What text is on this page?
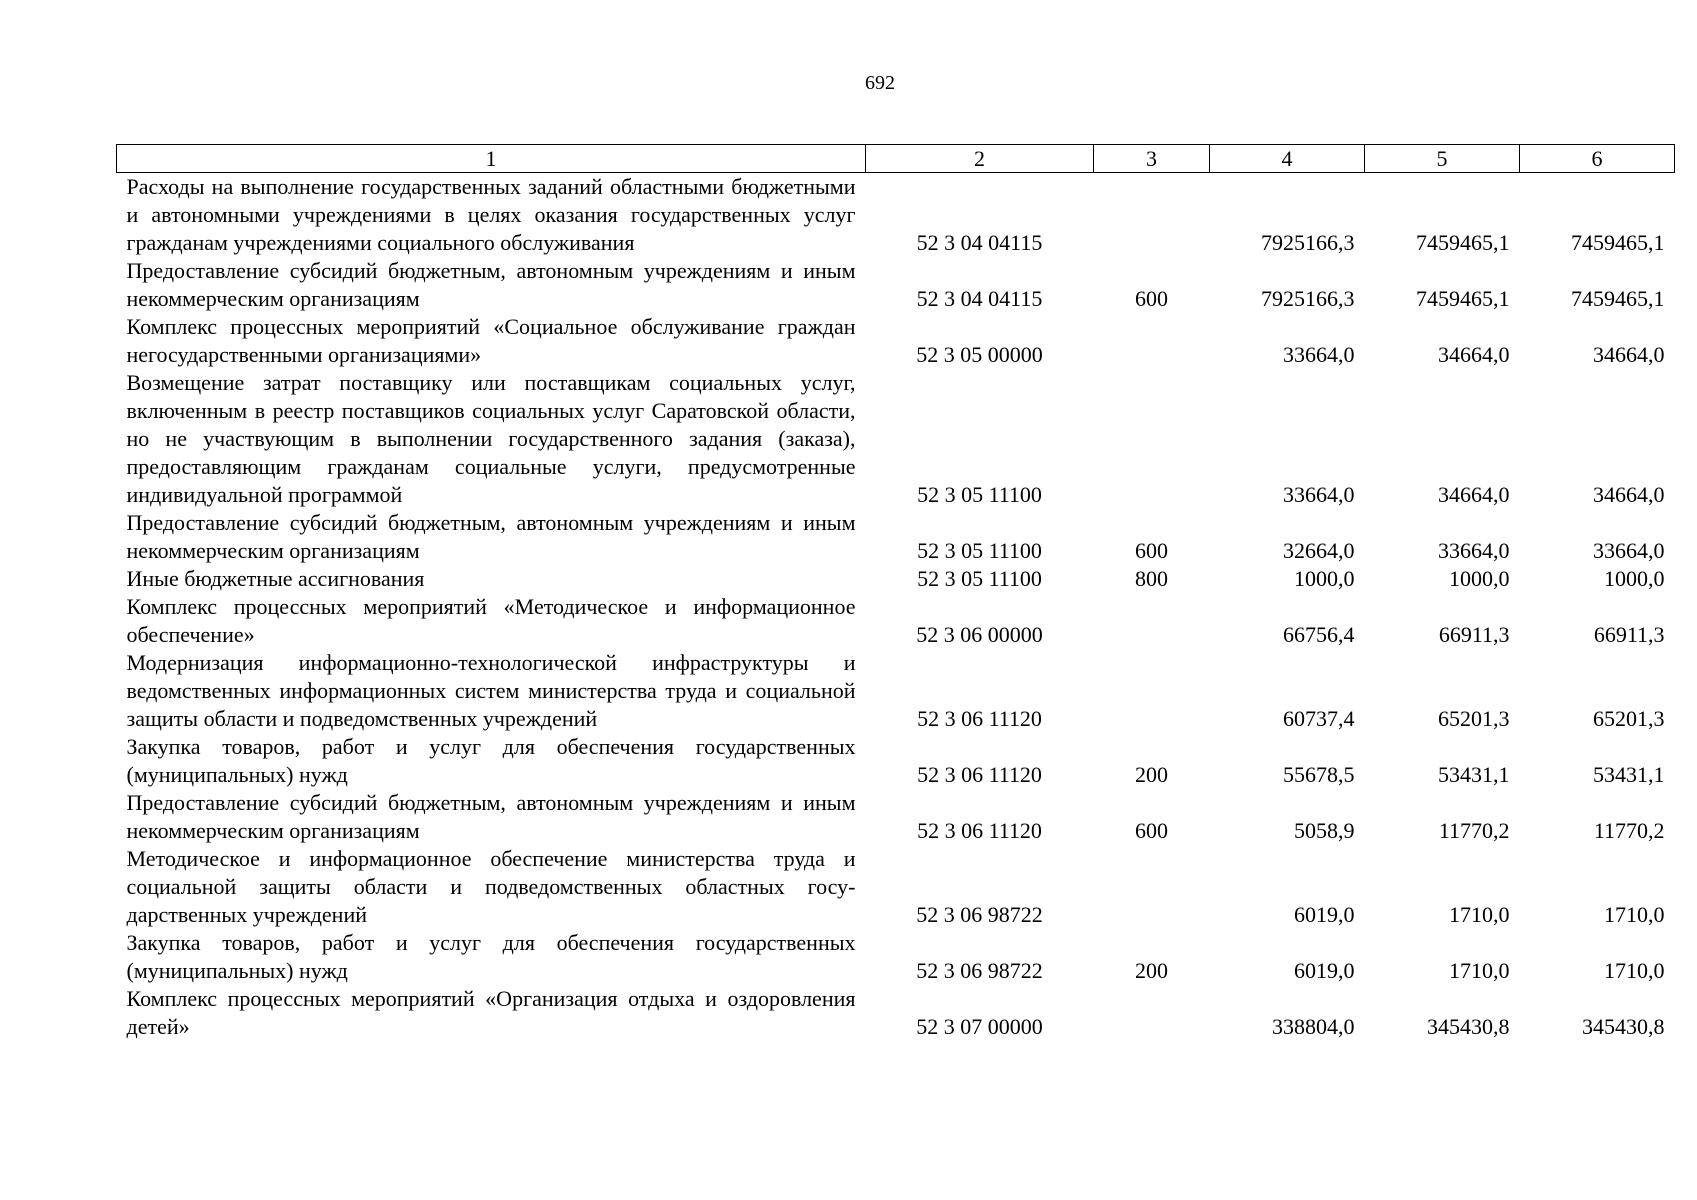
692
1	2	3	4	5	6
Расходы на выполнение государственных заданий областными бюджетными и автономными учреждениями в целях оказания государственных услуг гражданам учреждениями социального обслуживания	52 3 04 04115		7925166,3	7459465,1	7459465,1
Предоставление субсидий бюджетным, автономным учреждениям и иным некоммерческим организациям	52 3 04 04115	600	7925166,3	7459465,1	7459465,1
Комплекс процессных мероприятий «Социальное обслуживание граждан негосударственными организациями»	52 3 05 00000		33664,0	34664,0	34664,0
Возмещение затрат поставщику или поставщикам социальных услуг, включенным в реестр поставщиков социальных услуг Саратовской области, но не участвующим в выполнении государственного задания (заказа), предоставляющим гражданам социальные услуги, предусмотренные индивидуальной программой	52 3 05 11100		33664,0	34664,0	34664,0
Предоставление субсидий бюджетным, автономным учреждениям и иным некоммерческим организациям	52 3 05 11100	600	32664,0	33664,0	33664,0
Иные бюджетные ассигнования	52 3 05 11100	800	1000,0	1000,0	1000,0
Комплекс процессных мероприятий «Методическое и информационное обеспечение»	52 3 06 00000		66756,4	66911,3	66911,3
Модернизация информационно-технологической инфраструктуры и ведомственных информационных систем министерства труда и социальной защиты области и подведомственных учреждений	52 3 06 11120		60737,4	65201,3	65201,3
Закупка товаров, работ и услуг для обеспечения государственных (муниципальных) нужд	52 3 06 11120	200	55678,5	53431,1	53431,1
Предоставление субсидий бюджетным, автономным учреждениям и иным некоммерческим организациям	52 3 06 11120	600	5058,9	11770,2	11770,2
Методическое и информационное обеспечение министерства труда и социальной защиты области и подведомственных областных государственных учреждений	52 3 06 98722		6019,0	1710,0	1710,0
Закупка товаров, работ и услуг для обеспечения государственных (муниципальных) нужд	52 3 06 98722	200	6019,0	1710,0	1710,0
Комплекс процессных мероприятий «Организация отдыха и оздоровления детей»	52 3 07 00000		338804,0	345430,8	345430,8
